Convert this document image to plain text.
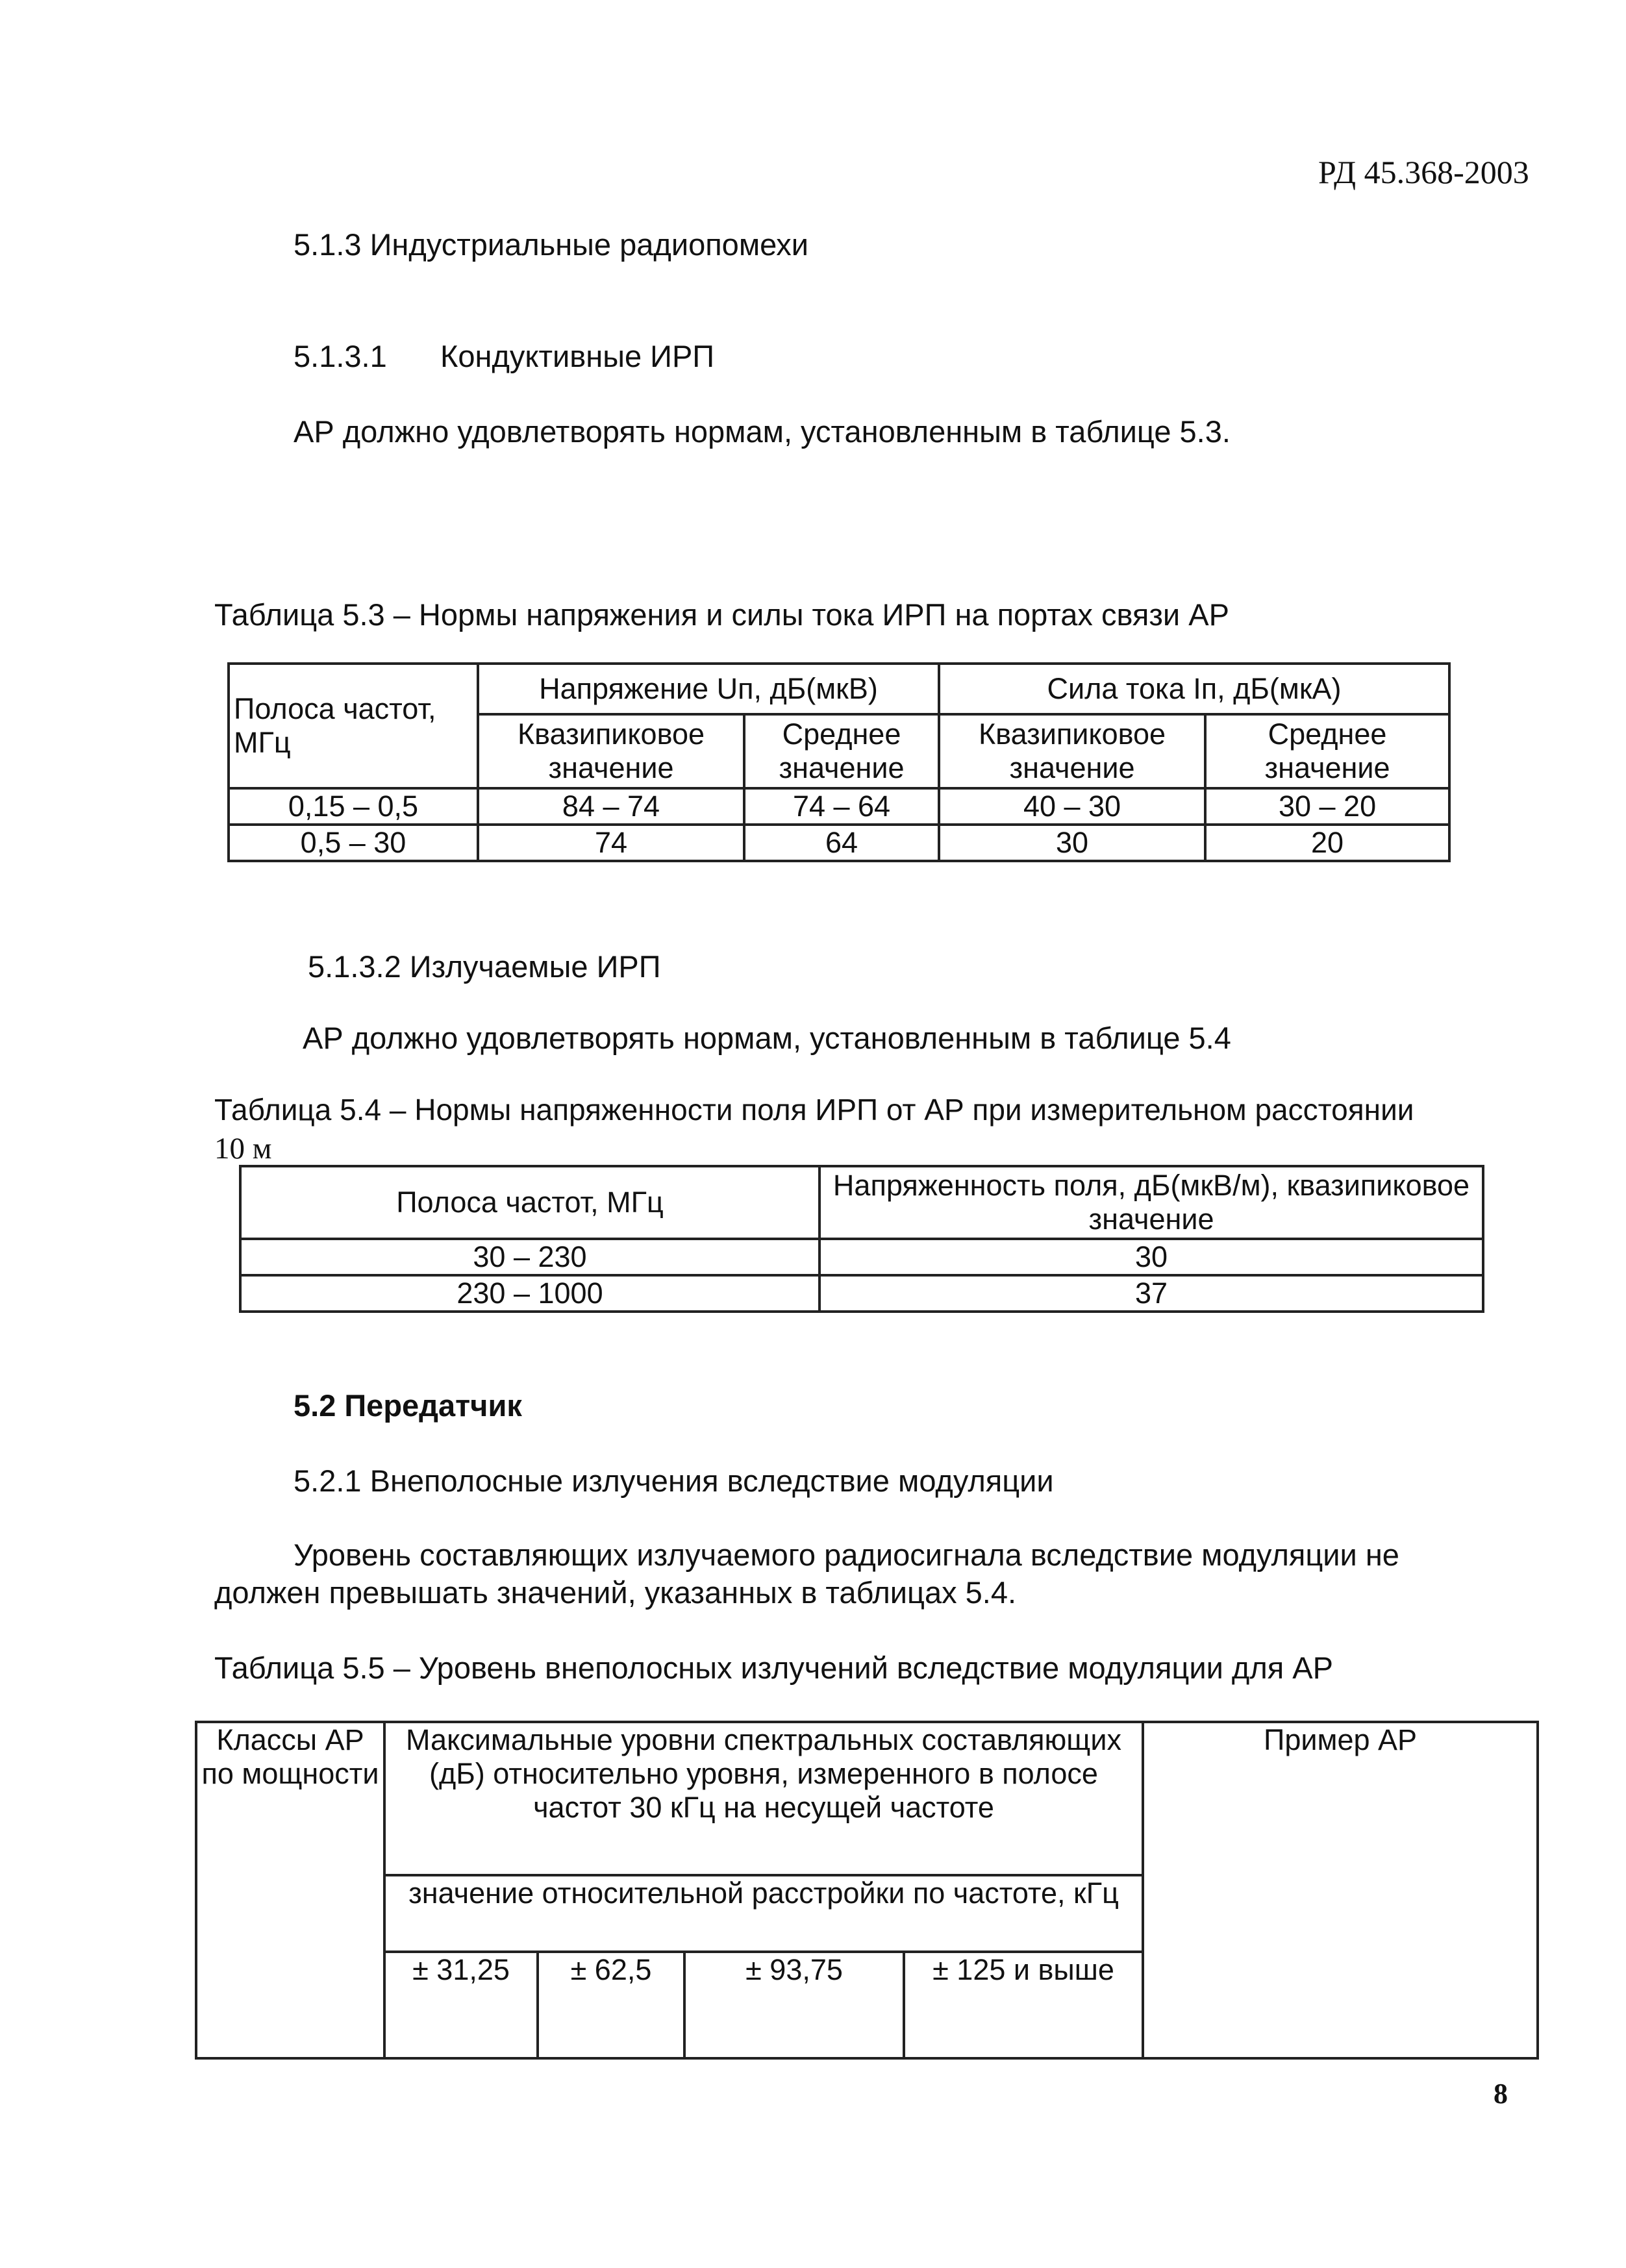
РД 45.368-2003
5.1.3 Индустриальные радиопомехи
5.1.3.1 Кондуктивные ИРП
АР должно удовлетворять нормам, установленным в таблице 5.3.
Таблица 5.3 – Нормы напряжения и силы тока ИРП на портах связи АР
Полоса частот, МГц	Напряжение Uп, дБ(мкВ)		Сила тока Iп, дБ(мкА)	
	Квазипиковое значение	Среднее значение	Квазипиковое значение	Среднее значение
0,15 – 0,5	84 – 74	74 – 64	40 – 30	30 – 20
0,5 – 30	74	64	30	20
5.1.3.2 Излучаемые ИРП
АР должно удовлетворять нормам, установленным в таблице 5.4
Таблица 5.4 – Нормы напряженности поля ИРП от АР при измерительном расстоянии
10 м
Полоса частот, МГц	Напряженность поля, дБ(мкВ/м), квазипиковое значение
30 – 230	30
230 – 1000	37
5.2 Передатчик
5.2.1 Внеполосные излучения вследствие модуляции
Уровень составляющих излучаемого радиосигнала вследствие модуляции не
должен превышать значений, указанных в таблицах 5.4.
Таблица 5.5 – Уровень внеполосных излучений вследствие модуляции для АР
Классы АР по мощности	Максимальные уровни спектральных составляющих (дБ) относительно уровня, измеренного в полосе частот 30 кГц на несущей частоте				Пример АР
	значение относительной расстройки по частоте, кГц				
	± 31,25	± 62,5	± 93,75	± 125 и выше	
8
